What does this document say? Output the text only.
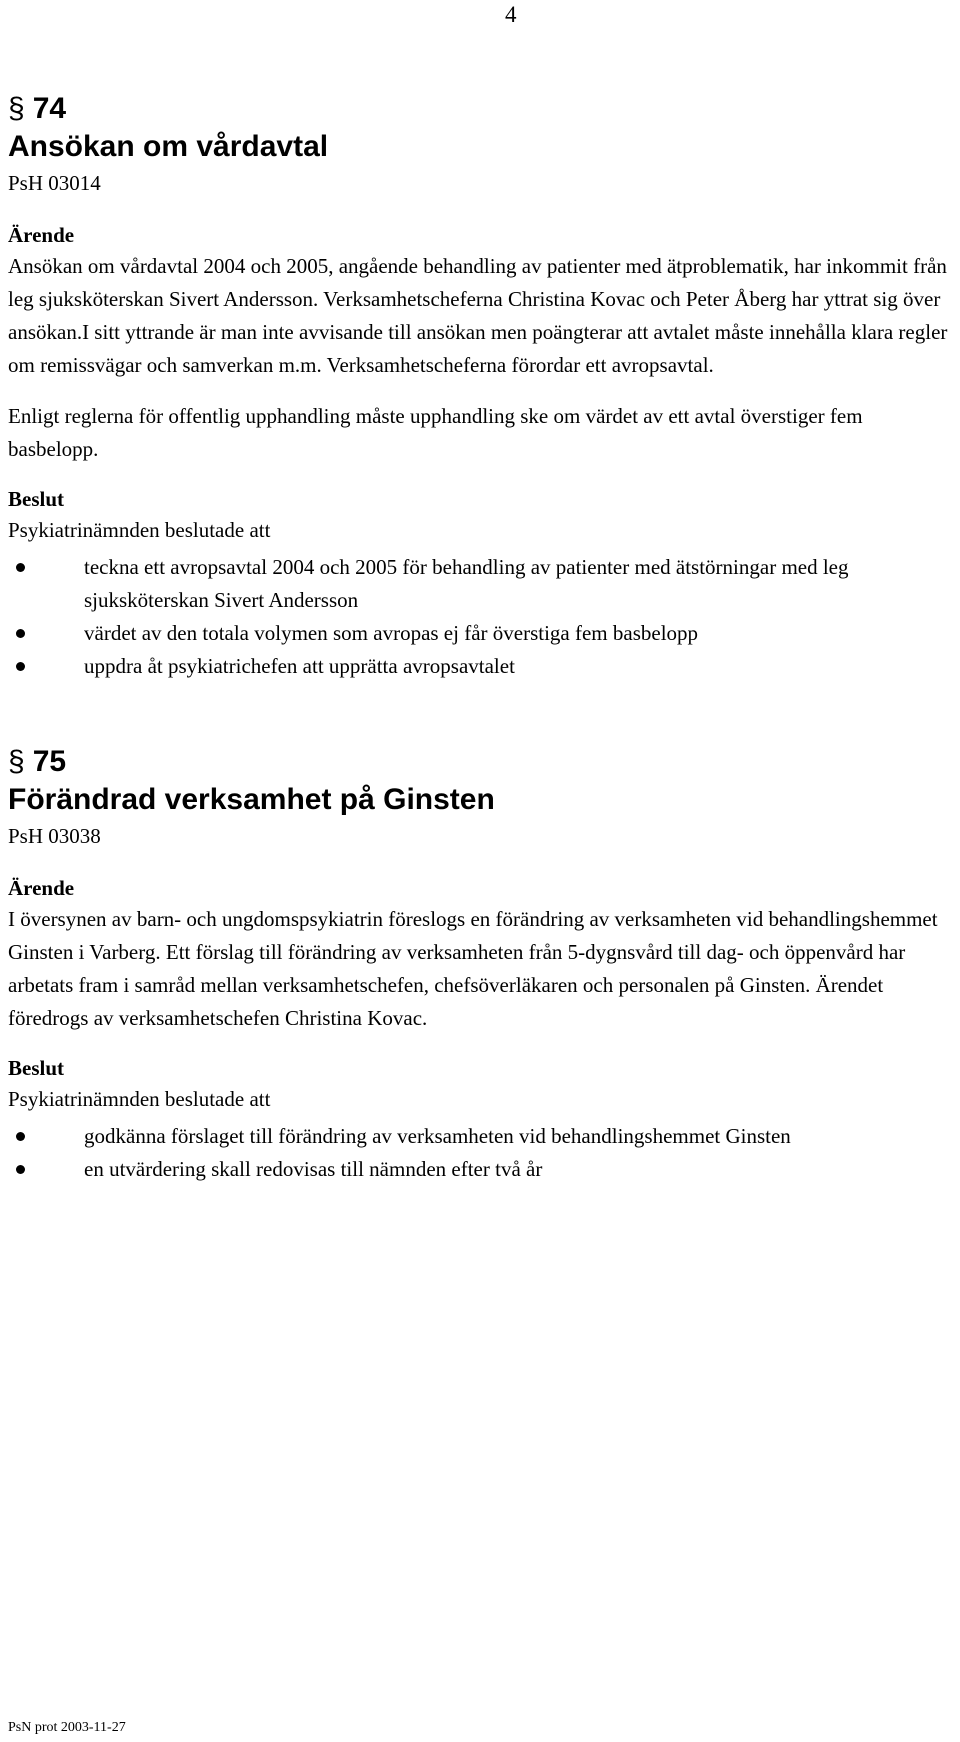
4
§ 74
Ansökan om vårdavtal
PsH 03014
Ärende
Ansökan om vårdavtal 2004 och 2005, angående behandling av patienter med ätproblematik, har inkommit från leg sjuksköterskan Sivert Andersson. Verksamhetscheferna Christina Kovac och Peter Åberg har yttrat sig över ansökan.I sitt yttrande är man inte avvisande till ansökan men poängterar att avtalet måste innehålla klara regler om remissvägar och samverkan m.m. Verksamhetscheferna förordar ett avropsavtal.
Enligt reglerna för offentlig upphandling måste upphandling ske om värdet av ett avtal överstiger fem basbelopp.
Beslut
Psykiatrinämnden beslutade att
teckna ett avropsavtal 2004 och 2005 för behandling av patienter med ätstörningar med leg sjuksköterskan Sivert Andersson
värdet av den totala volymen som avropas ej får överstiga fem basbelopp
uppdra åt psykiatrichefen att upprätta avropsavtalet
§ 75
Förändrad verksamhet på Ginsten
PsH 03038
Ärende
I översynen av barn- och ungdomspsykiatrin föreslogs en förändring av verksamheten vid behandlingshemmet Ginsten i Varberg. Ett förslag till förändring av verksamheten från 5-dygnsvård till dag- och öppenvård har arbetats fram i samråd mellan verksamhetschefen, chefsöverläkaren och personalen på Ginsten. Ärendet föredrogs av verksamhetschefen Christina Kovac.
Beslut
Psykiatrinämnden beslutade att
godkänna förslaget till förändring av verksamheten vid behandlingshemmet Ginsten
en utvärdering skall redovisas till nämnden efter två år
PsN prot 2003-11-27
